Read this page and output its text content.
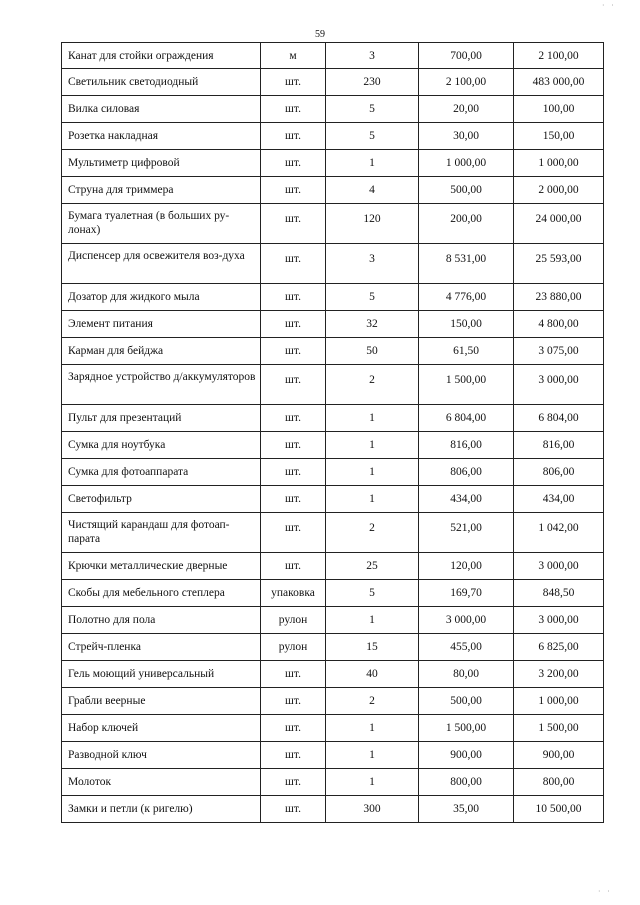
˙ ˙
59
Канат для стойки ограждения	м	3	700,00	2 100,00
Светильник светодиодный	шт.	230	2 100,00	483 000,00
Вилка силовая	шт.	5	20,00	100,00
Розетка накладная	шт.	5	30,00	150,00
Мультиметр цифровой	шт.	1	1 000,00	1 000,00
Струна для триммера	шт.	4	500,00	2 000,00
Бумага туалетная (в больших ру-лонах)	шт.	120	200,00	24 000,00
Диспенсер для освежителя воз-духа	шт.	3	8 531,00	25 593,00
Дозатор для жидкого мыла	шт.	5	4 776,00	23 880,00
Элемент питания	шт.	32	150,00	4 800,00
Карман для бейджа	шт.	50	61,50	3 075,00
Зарядное устройство д/аккумуляторов	шт.	2	1 500,00	3 000,00
Пульт для презентаций	шт.	1	6 804,00	6 804,00
Сумка для ноутбука	шт.	1	816,00	816,00
Сумка для фотоаппарата	шт.	1	806,00	806,00
Светофильтр	шт.	1	434,00	434,00
Чистящий карандаш для фотоап-парата	шт.	2	521,00	1 042,00
Крючки металлические дверные	шт.	25	120,00	3 000,00
Скобы для мебельного степлера	упаковка	5	169,70	848,50
Полотно для пола	рулон	1	3 000,00	3 000,00
Стрейч-пленка	рулон	15	455,00	6 825,00
Гель моющий универсальный	шт.	40	80,00	3 200,00
Грабли веерные	шт.	2	500,00	1 000,00
Набор ключей	шт.	1	1 500,00	1 500,00
Разводной ключ	шт.	1	900,00	900,00
Молоток	шт.	1	800,00	800,00
Замки и петли (к ригелю)	шт.	300	35,00	10 500,00
˙ ˙
